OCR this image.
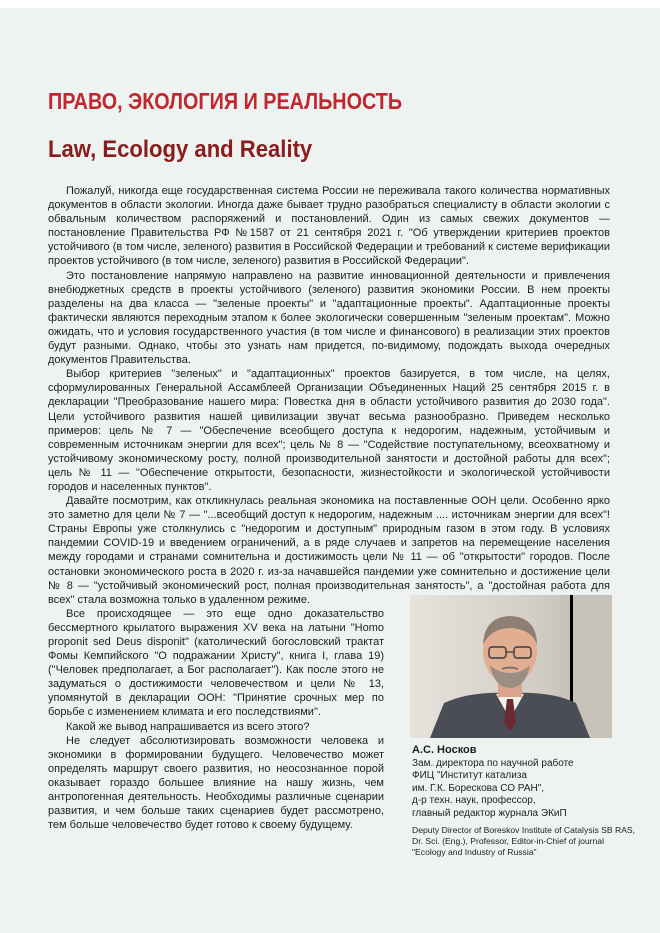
ПРАВО, ЭКОЛОГИЯ И РЕАЛЬНОСТЬ
Law, Ecology and Reality

Пожалуй, никогда еще государственная система России не переживала такого количества нормативных документов в области экологии. Иногда даже бывает трудно разобраться специалисту в области экологии с обвальным количеством распоряжений и постановлений. Один из самых свежих документов — постановление Правительства РФ №1587 от 21 сентября 2021 г. "Об утверждении критериев проектов устойчивого (в том числе, зеленого) развития в Российской Федерации и требований к системе верификации проектов устойчивого (в том числе, зеленого) развития в Российской Федерации".

Это постановление напрямую направлено на развитие инновационной деятельности и привлечения внебюджетных средств в проекты устойчивого (зеленого) развития экономики России. В нем проекты разделены на два класса — "зеленые проекты" и "адаптационные проекты". Адаптационные проекты фактически являются переходным этапом к более экологически совершенным "зеленым проектам". Можно ожидать, что и условия государственного участия (в том числе и финансового) в реализации этих проектов будут разными. Однако, чтобы это узнать нам придется, по-видимому, подождать выхода очередных документов Правительства.

Выбор критериев "зеленых" и "адаптационных" проектов базируется, в том числе, на целях, сформулированных Генеральной Ассамблеей Организации Объединенных Наций 25 сентября 2015 г. в декларации "Преобразование нашего мира: Повестка дня в области устойчивого развития до 2030 года". Цели устойчивого развития нашей цивилизации звучат весьма разнообразно. Приведем несколько примеров: цель № 7 — "Обеспечение всеобщего доступа к недорогим, надежным, устойчивым и современным источникам энергии для всех"; цель № 8 — "Содействие поступательному, всеохватному и устойчивому экономическому росту, полной производительной занятости и достойной работы для всех"; цель № 11 — "Обеспечение открытости, безопасности, жизнестойкости и экологической устойчивости городов и населенных пунктов".

Давайте посмотрим, как откликнулась реальная экономика на поставленные ООН цели. Особенно ярко это заметно для цели № 7 — "...всеобщий доступ к недорогим, надежным .... источникам энергии для всех"! Страны Европы уже столкнулись с "недорогим и доступным" природным газом в этом году. В условиях пандемии COVID-19 и введением ограничений, а в ряде случаев и запретов на перемещение населения между городами и странами сомнительна и достижимость цели № 11 — об "открытости" городов. После остановки экономического роста в 2020 г. из-за начавшейся пандемии уже сомнительно и достижение цели № 8 — "устойчивый экономический рост, полная производительная занятость", а "достойная работа для всех" стала возможна только в удаленном режиме.

Все происходящее — это еще одно доказательство бессмертного крылатого выражения XV века на латыни "Homo proponit sed Deus disponit" (католический богословский трактат Фомы Кемпийского "О подражании Христу", книга I, глава 19) ("Человек предполагает, а Бог располагает"). Как после этого не задуматься о достижимости человечеством и цели № 13, упомянутой в декларации ООН: "Принятие срочных мер по борьбе с изменением климата и его последствиями".

Какой же вывод напрашивается из всего этого?

Не следует абсолютизировать возможности человека и экономики в формировании будущего. Человечество может определять маршрут своего развития, но неосознанное порой оказывает гораздо большее влияние на нашу жизнь, чем антропогенная деятельность. Необходимы различные сценарии развития, и чем больше таких сценариев будет рассмотрено, тем больше человечество будет готово к своему будущему.

А.С. Носков
Зам. директора по научной работе
ФИЦ "Институт катализа
им. Г.К. Борескова СО РАН",
д-р техн. наук, профессор,
главный редактор журнала ЭКиП
Deputy Director of Boreskov Institute of Catalysis SB RAS,
Dr. Sci. (Eng.), Professor, Editor-in-Chief of journal
"Ecology and Industry of Russia"
